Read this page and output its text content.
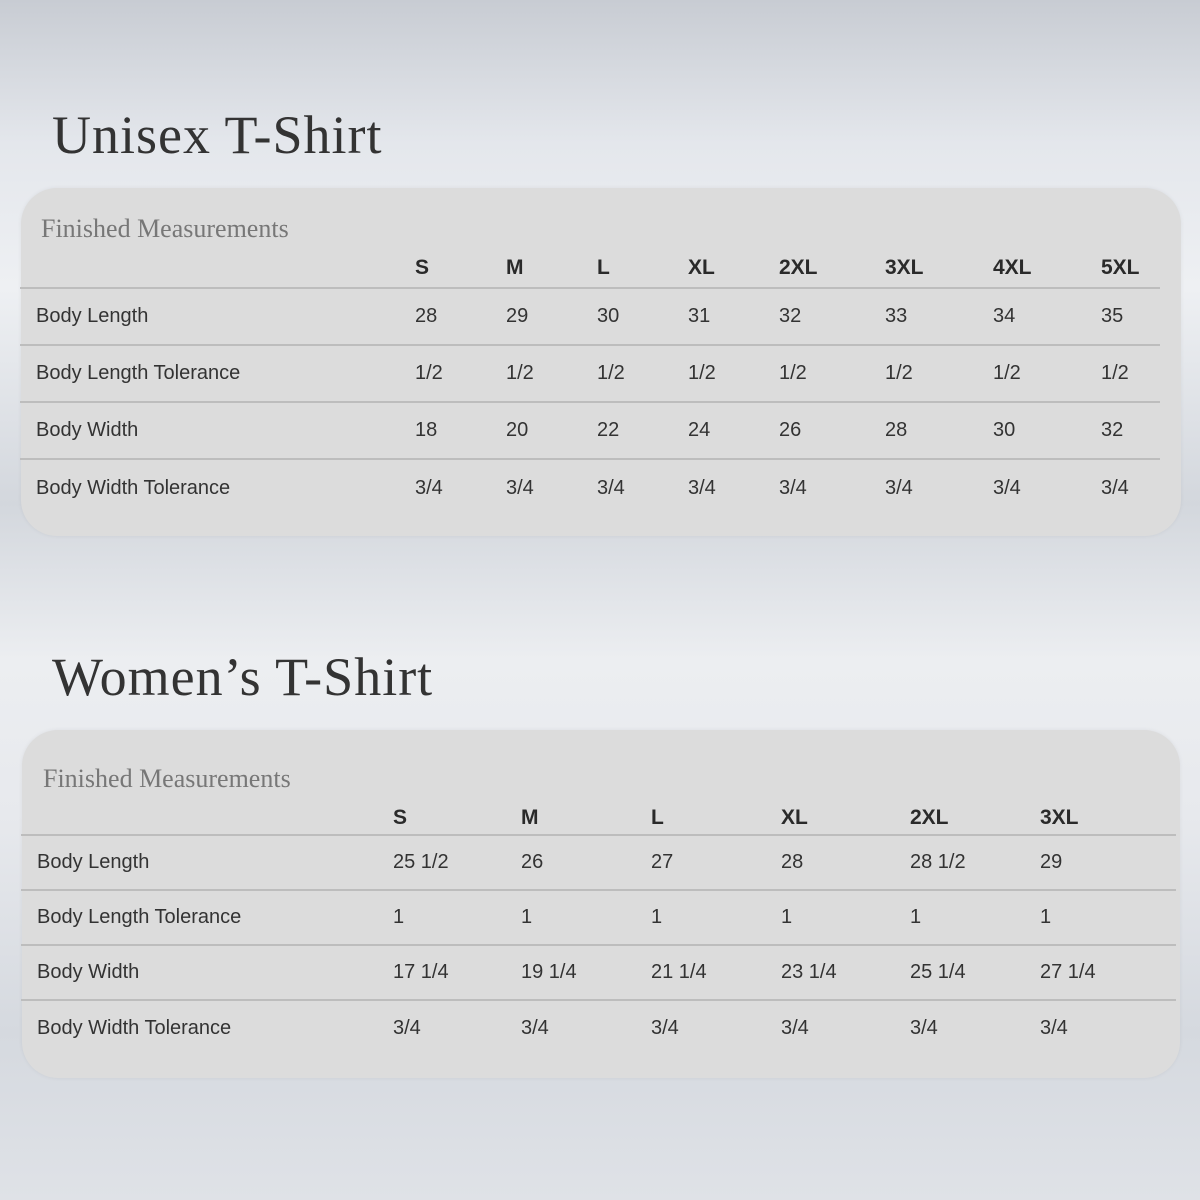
Unisex T-Shirt
Finished Measurements
	S	M	L	XL	2XL	3XL	4XL	5XL
Body Length	28	29	30	31	32	33	34	35
Body Length Tolerance	1/2	1/2	1/2	1/2	1/2	1/2	1/2	1/2
Body Width	18	20	22	24	26	28	30	32
Body Width Tolerance	3/4	3/4	3/4	3/4	3/4	3/4	3/4	3/4
Women’s T-Shirt
Finished Measurements
	S	M	L	XL	2XL	3XL
Body Length	25 1/2	26	27	28	28 1/2	29
Body Length Tolerance	1	1	1	1	1	1
Body Width	17 1/4	19 1/4	21 1/4	23 1/4	25 1/4	27 1/4
Body Width Tolerance	3/4	3/4	3/4	3/4	3/4	3/4
